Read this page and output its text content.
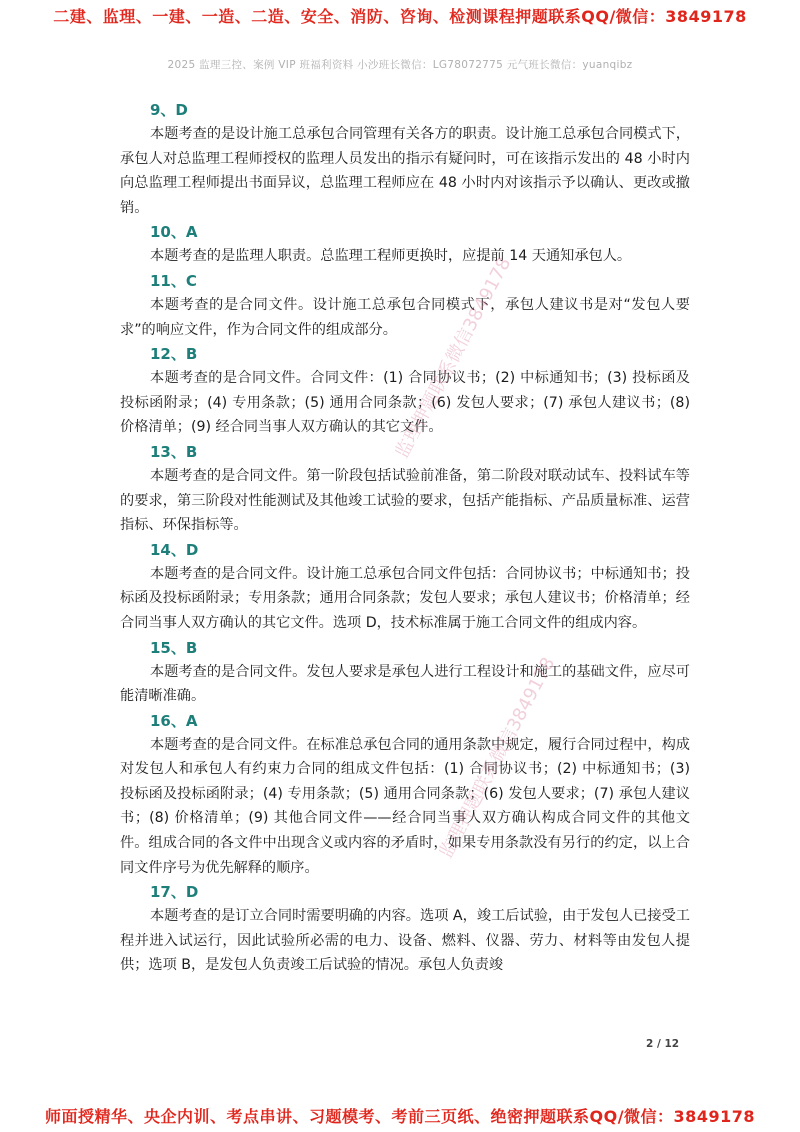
二建、监理、一建、一造、二造、安全、消防、咨询、检测课程押题联系QQ/微信：3849178
2025 监理三控、案例 VIP 班福利资料 小沙班长微信：LG78072775 元气班长微信：yuanqibz
9、D

本题考查的是设计施工总承包合同管理有关各方的职责。设计施工总承包合同模式下，承包人对总监理工程师授权的监理人员发出的指示有疑问时，可在该指示发出的 48 小时内向总监理工程师提出书面异议，总监理工程师应在 48 小时内对该指示予以确认、更改或撤销。

10、A

本题考查的是监理人职责。总监理工程师更换时，应提前 14 天通知承包人。

11、C

本题考查的是合同文件。设计施工总承包合同模式下，承包人建议书是对“发包人要求”的响应文件，作为合同文件的组成部分。

12、B

本题考查的是合同文件。合同文件：(1) 合同协议书；(2) 中标通知书；(3) 投标函及投标函附录；(4) 专用条款；(5) 通用合同条款；(6) 发包人要求；(7) 承包人建议书；(8) 价格清单；(9) 经合同当事人双方确认的其它文件。

13、B

本题考查的是合同文件。第一阶段包括试验前准备，第二阶段对联动试车、投料试车等的要求，第三阶段对性能测试及其他竣工试验的要求，包括产能指标、产品质量标准、运营指标、环保指标等。

14、D

本题考查的是合同文件。设计施工总承包合同文件包括：合同协议书；中标通知书；投标函及投标函附录；专用条款；通用合同条款；发包人要求；承包人建议书；价格清单；经合同当事人双方确认的其它文件。选项 D，技术标准属于施工合同文件的组成内容。

15、B

本题考查的是合同文件。发包人要求是承包人进行工程设计和施工的基础文件，应尽可能清晰准确。

16、A

本题考查的是合同文件。在标准总承包合同的通用条款中规定，履行合同过程中，构成对发包人和承包人有约束力合同的组成文件包括：(1) 合同协议书；(2) 中标通知书；(3) 投标函及投标函附录；(4) 专用条款；(5) 通用合同条款；(6) 发包人要求；(7) 承包人建议书；(8) 价格清单；(9) 其他合同文件——经合同当事人双方确认构成合同文件的其他文件。组成合同的各文件中出现含义或内容的矛盾时，如果专用条款没有另行的约定，以上合同文件序号为优先解释的顺序。

17、D

本题考查的是订立合同时需要明确的内容。选项 A，竣工后试验，由于发包人已接受工程并进入试运行，因此试验所必需的电力、设备、燃料、仪器、劳力、材料等由发包人提供；选项 B，是发包人负责竣工后试验的情况。承包人负责竣

监理押题联系微信3849178
监理押题联系微信3849178
2 / 12
师面授精华、央企内训、考点串讲、习题模考、考前三页纸、绝密押题联系QQ/微信：3849178
